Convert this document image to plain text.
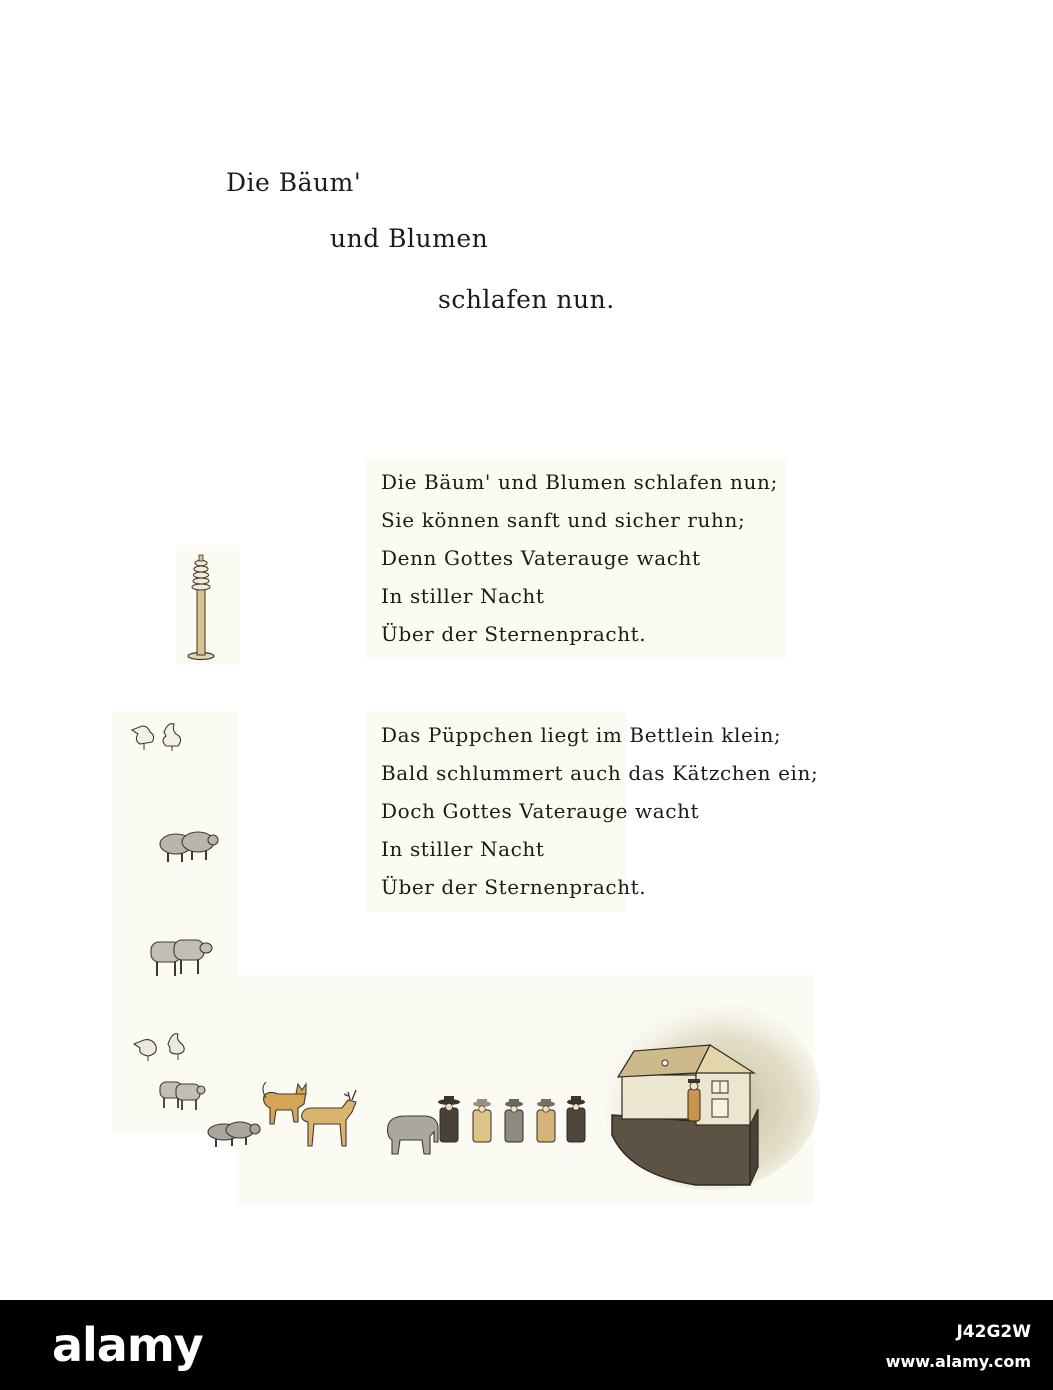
Die Bäum'
und Blumen
schlafen nun.
Die Bäum' und Blumen schlafen nun;
Sie können sanft und sicher ruhn;
Denn Gottes Vaterauge wacht
In stiller Nacht
Über der Sternenpracht.
Das Püppchen liegt im Bettlein klein;
Bald schlummert auch das Kätzchen ein;
Doch Gottes Vaterauge wacht
In stiller Nacht
Über der Sternenpracht.
alamy	J42G2W
www.alamy.com
